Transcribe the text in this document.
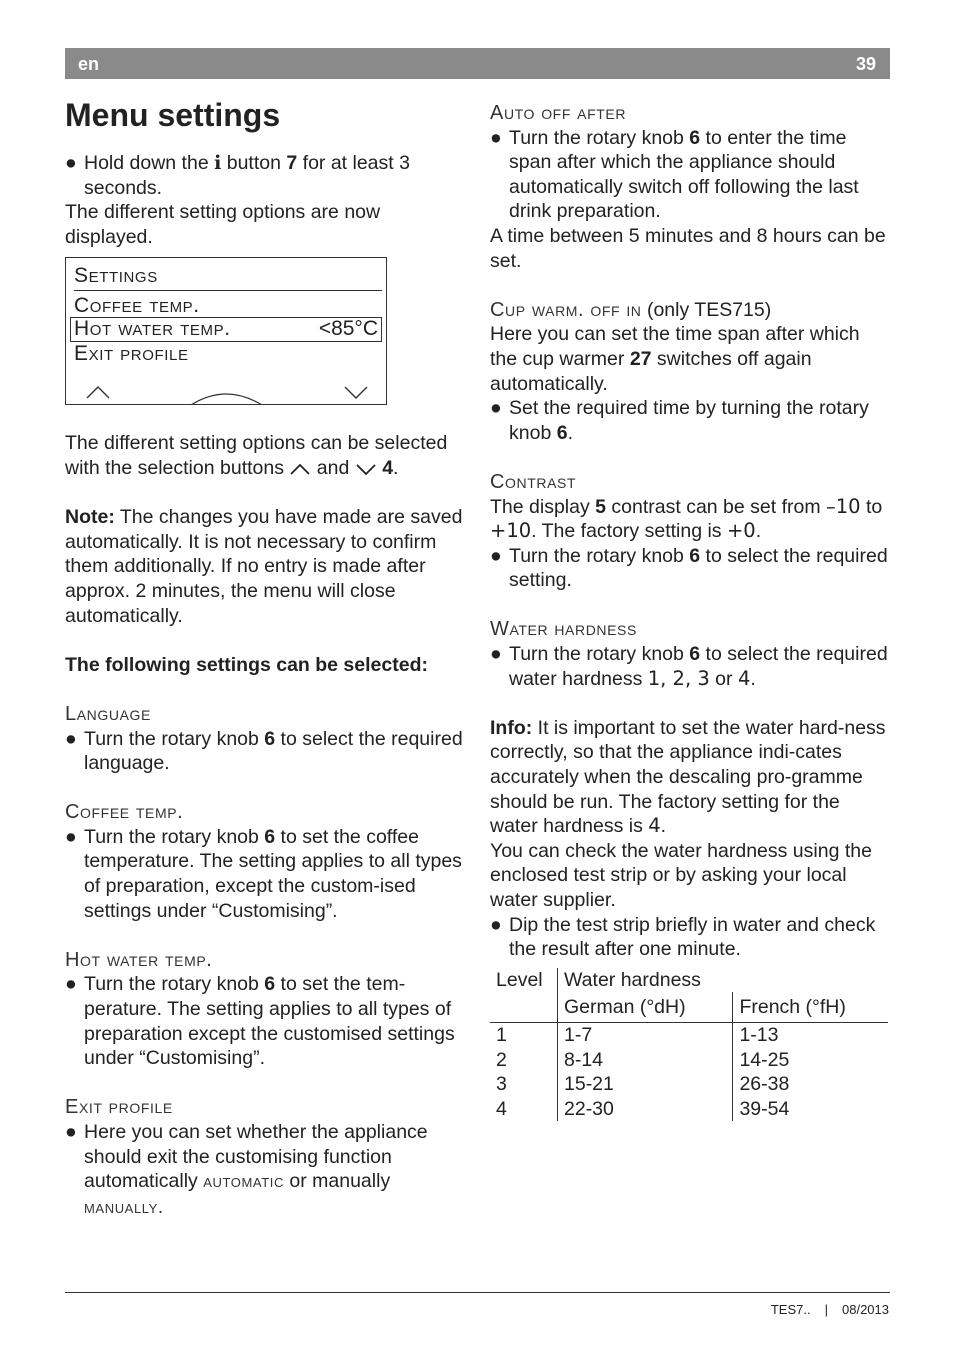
en	39
Menu settings
● Hold down the i button 7 for at least 3 seconds.

The different setting options are now displayed.

Settings
Coffee temp.
Hot water temp.	<85°C
Exit profile

The different setting options can be selected with the selection buttons  and  4.

Note: The changes you have made are saved automatically. It is not necessary to confirm them additionally. If no entry is made after approx. 2 minutes, the menu will close automatically.

The following settings can be selected:

Language
● Turn the rotary knob 6 to select the required language.
Coffee temp.
● Turn the rotary knob 6 to set the coffee temperature. The setting applies to all types of preparation, except the custom-ised settings under “Customising”.
Hot water temp.
● Turn the rotary knob 6 to set the tem-perature. The setting applies to all types of preparation except the customised settings under “Customising”.
Exit profile
● Here you can set whether the appliance should exit the customising function automatically automatic or manually manually.
Auto off after
● Turn the rotary knob 6 to enter the time span after which the appliance should automatically switch off following the last drink preparation.

A time between 5 minutes and 8 hours can be set.

Cup warm. off in (only TES715)

Here you can set the time span after which the cup warmer 27 switches off again automatically.

● Set the required time by turning the rotary knob 6.
Contrast

The display 5 contrast can be set from –10 to +10. The factory setting is +0.

● Turn the rotary knob 6 to select the required setting.
Water hardness
● Turn the rotary knob 6 to select the required water hardness 1, 2, 3 or 4.

Info: It is important to set the water hard-ness correctly, so that the appliance indi-cates accurately when the descaling pro-gramme should be run. The factory setting for the water hardness is 4.

You can check the water hardness using the enclosed test strip or by asking your local water supplier.

● Dip the test strip briefly in water and check the result after one minute.
Level	Water hardness	
	German (°dH)	French (°fH)
1	1-7	1-13
2	8-14	14-25
3	15-21	26-38
4	22-30	39-54
TES7.. | 08/2013
